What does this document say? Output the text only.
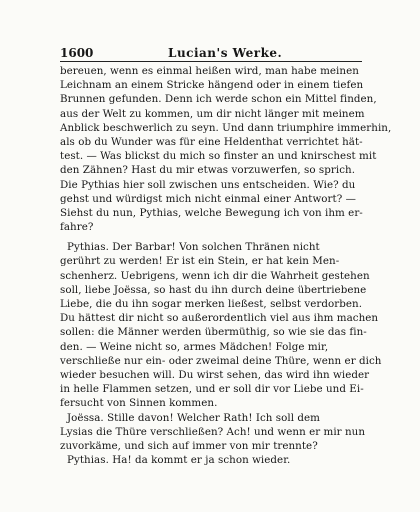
1600	Lucian's Werke.
bereuen, wenn es einmal heißen wird, man habe meinen
Leichnam an einem Stricke hängend oder in einem tiefen
Brunnen gefunden. Denn ich werde schon ein Mittel finden,
aus der Welt zu kommen, um dir nicht länger mit meinem
Anblick beschwerlich zu seyn. Und dann triumphire immerhin,
als ob du Wunder was für eine Heldenthat verrichtet hät-
test. — Was blickst du mich so finster an und knirschest mit
den Zähnen? Hast du mir etwas vorzuwerfen, so sprich.
Die Pythias hier soll zwischen uns entscheiden. Wie? du
gehst und würdigst mich nicht einmal einer Antwort? —
Siehst du nun, Pythias, welche Bewegung ich von ihm er-
fahre?
Pythias. Der Barbar! Von solchen Thränen nicht
gerührt zu werden! Er ist ein Stein, er hat kein Men-
schenherz. Uebrigens, wenn ich dir die Wahrheit gestehen
soll, liebe Joëssa, so hast du ihn durch deine übertriebene
Liebe, die du ihn sogar merken ließest, selbst verdorben.
Du hättest dir nicht so außerordentlich viel aus ihm machen
sollen: die Männer werden übermüthig, so wie sie das fin-
den. — Weine nicht so, armes Mädchen! Folge mir,
verschließe nur ein- oder zweimal deine Thüre, wenn er dich
wieder besuchen will. Du wirst sehen, das wird ihn wieder
in helle Flammen setzen, und er soll dir vor Liebe und Ei-
fersucht von Sinnen kommen.
Joëssa. Stille davon! Welcher Rath! Ich soll dem
Lysias die Thüre verschließen? Ach! und wenn er mir nun
zuvorkäme, und sich auf immer von mir trennte?
Pythias. Ha! da kommt er ja schon wieder.
